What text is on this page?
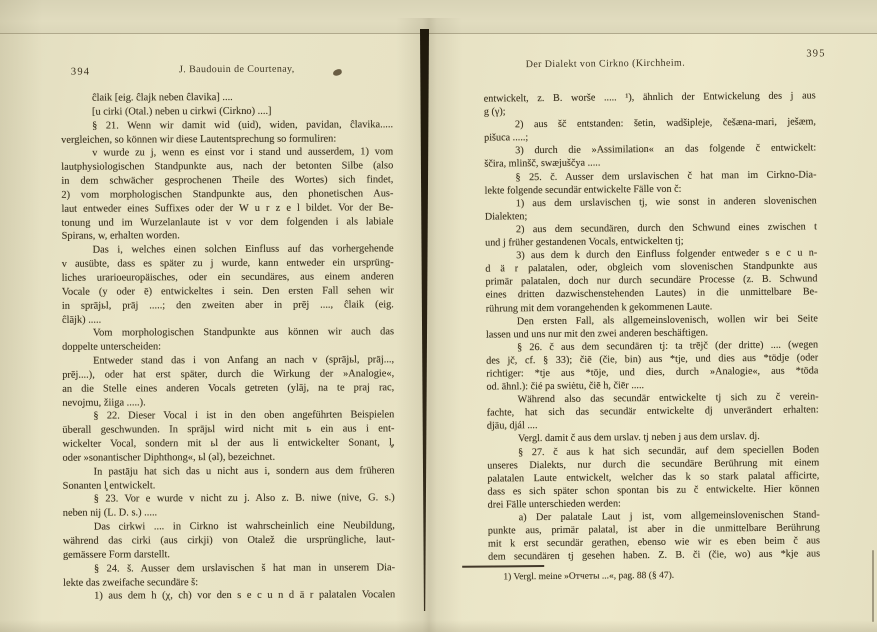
394	J. Baudouin de Courtenay,
ĉlaik [eig. ĉlajk neben ĉlavika] ....
[u cirki (Otal.) neben u cirkwi (Cirkno) ....]
§ 21. Wenn wir damit wid (uid), widen, pavidan, ĉlavika.....
vergleichen, so können wir diese Lautentsprechung so formuliren:
v wurde zu j, wenn es einst vor i stand und ausserdem, 1) vom
lautphysiologischen Standpunkte aus, nach der betonten Silbe (also
in dem schwächer gesprochenen Theile des Wortes) sich findet,
2) vom morphologischen Standpunkte aus, den phonetischen Aus-
laut entweder eines Suffixes oder der W u r z e l bildet. Vor der Be-
tonung und im Wurzelanlaute ist v vor dem folgenden i als labiale
Spirans, w, erhalten worden.
Das i, welches einen solchen Einfluss auf das vorhergehende
v ausübte, dass es später zu j wurde, kann entweder ein ursprüng-
liches urarioeuropäisches, oder ein secundäres, aus einem anderen
Vocale (y oder ē) entwickeltes i sein. Den ersten Fall sehen wir
in sprājьl, prāj .....; den zweiten aber in prēj ...., ĉlaik (eig.
ĉlājk) .....
Vom morphologischen Standpunkte aus können wir auch das
doppelte unterscheiden:
Entweder stand das i von Anfang an nach v (sprājьl, prāj...,
prēj....), oder hat erst später, durch die Wirkung der »Analogie«,
an die Stelle eines anderen Vocals getreten (ylāj, na te praj rac,
nevojmu, žiiga .....).
§ 22. Dieser Vocal i ist in den oben angeführten Beispielen
überall geschwunden. In sprājьl wird nicht mit ь ein aus i ent-
wickelter Vocal, sondern mit ьl der aus li entwickelter Sonant, l̥,
oder »sonantischer Diphthong«, ьl (ǝl), bezeichnet.
In pastāju hat sich das u nicht aus i, sondern aus dem früheren
Sonanten l̥ entwickelt.
§ 23. Vor e wurde v nicht zu j. Also z. B. niwe (nive, G. s.)
neben nij (L. D. s.) .....
Das cirkwi .... in Cirkno ist wahrscheinlich eine Neubildung,
während das cirki (aus cirkji) von Otalež die ursprüngliche, laut-
gemässere Form darstellt.
§ 24. š. Ausser dem urslavischen š hat man in unserem Dia-
lekte das zweifache secundäre š:
1) aus dem h (χ, ch) vor den s e c u n d ä r palatalen Vocalen
395
Der Dialekt von Cirkno (Kirchheim.
entwickelt, z. B. worše ..... ¹), ähnlich der Entwickelung des j aus
g (γ);
2) aus šč entstanden: šetin, wadšipleje, češæna-mari, ješæm,
pišuca .....;
3) durch die »Assimilation« an das folgende č entwickelt:
ščira, mlinšč, swæjuščya .....
§ 25. č. Ausser dem urslavischen č hat man im Cirkno-Dia-
lekte folgende secundär entwickelte Fälle von č:
1) aus dem urslavischen tj, wie sonst in anderen slovenischen
Dialekten;
2) aus dem secundären, durch den Schwund eines zwischen t
und j früher gestandenen Vocals, entwickelten tj;
3) aus dem k durch den Einfluss folgender entweder s e c u n-
d ä r palatalen, oder, obgleich vom slovenischen Standpunkte aus
primär palatalen, doch nur durch secundäre Processe (z. B. Schwund
eines dritten dazwischenstehenden Lautes) in die unmittelbare Be-
rührung mit dem vorangehenden k gekommenen Laute.
Den ersten Fall, als allgemeinslovenisch, wollen wir bei Seite
lassen und uns nur mit den zwei anderen beschäftigen.
§ 26. č aus dem secundären tj: ta trējč (der dritte) .... (wegen
des jč, cf. § 33); čiē (čie, bin) aus *tje, und dies aus *tödje (oder
richtiger: *tje aus *töje, und dies, durch »Analogie«, aus *töda
od. ähnl.): čié pa swiėtu, čiē h, čiēr .....
Während also das secundär entwickelte tj sich zu č verein-
fachte, hat sich das secundär entwickelte dj unverändert erhalten:
djäu, djál ....
Vergl. damit č aus dem urslav. tj neben j aus dem urslav. dj.
§ 27. č aus k hat sich secundär, auf dem speciellen Boden
unseres Dialekts, nur durch die secundäre Berührung mit einem
palatalen Laute entwickelt, welcher das k so stark palatal afficirte,
dass es sich später schon spontan bis zu č entwickelte. Hier können
drei Fälle unterschieden werden:
a) Der palatale Laut j ist, vom allgemeinslovenischen Stand-
punkte aus, primär palatal, ist aber in die unmittelbare Berührung
mit k erst secundär gerathen, ebenso wie wir es eben beim č aus
dem secundären tj gesehen haben. Z. B. či (čie, wo) aus *kje aus
1) Vergl. meine »Отчеты ...«, pag. 88 (§ 47).
